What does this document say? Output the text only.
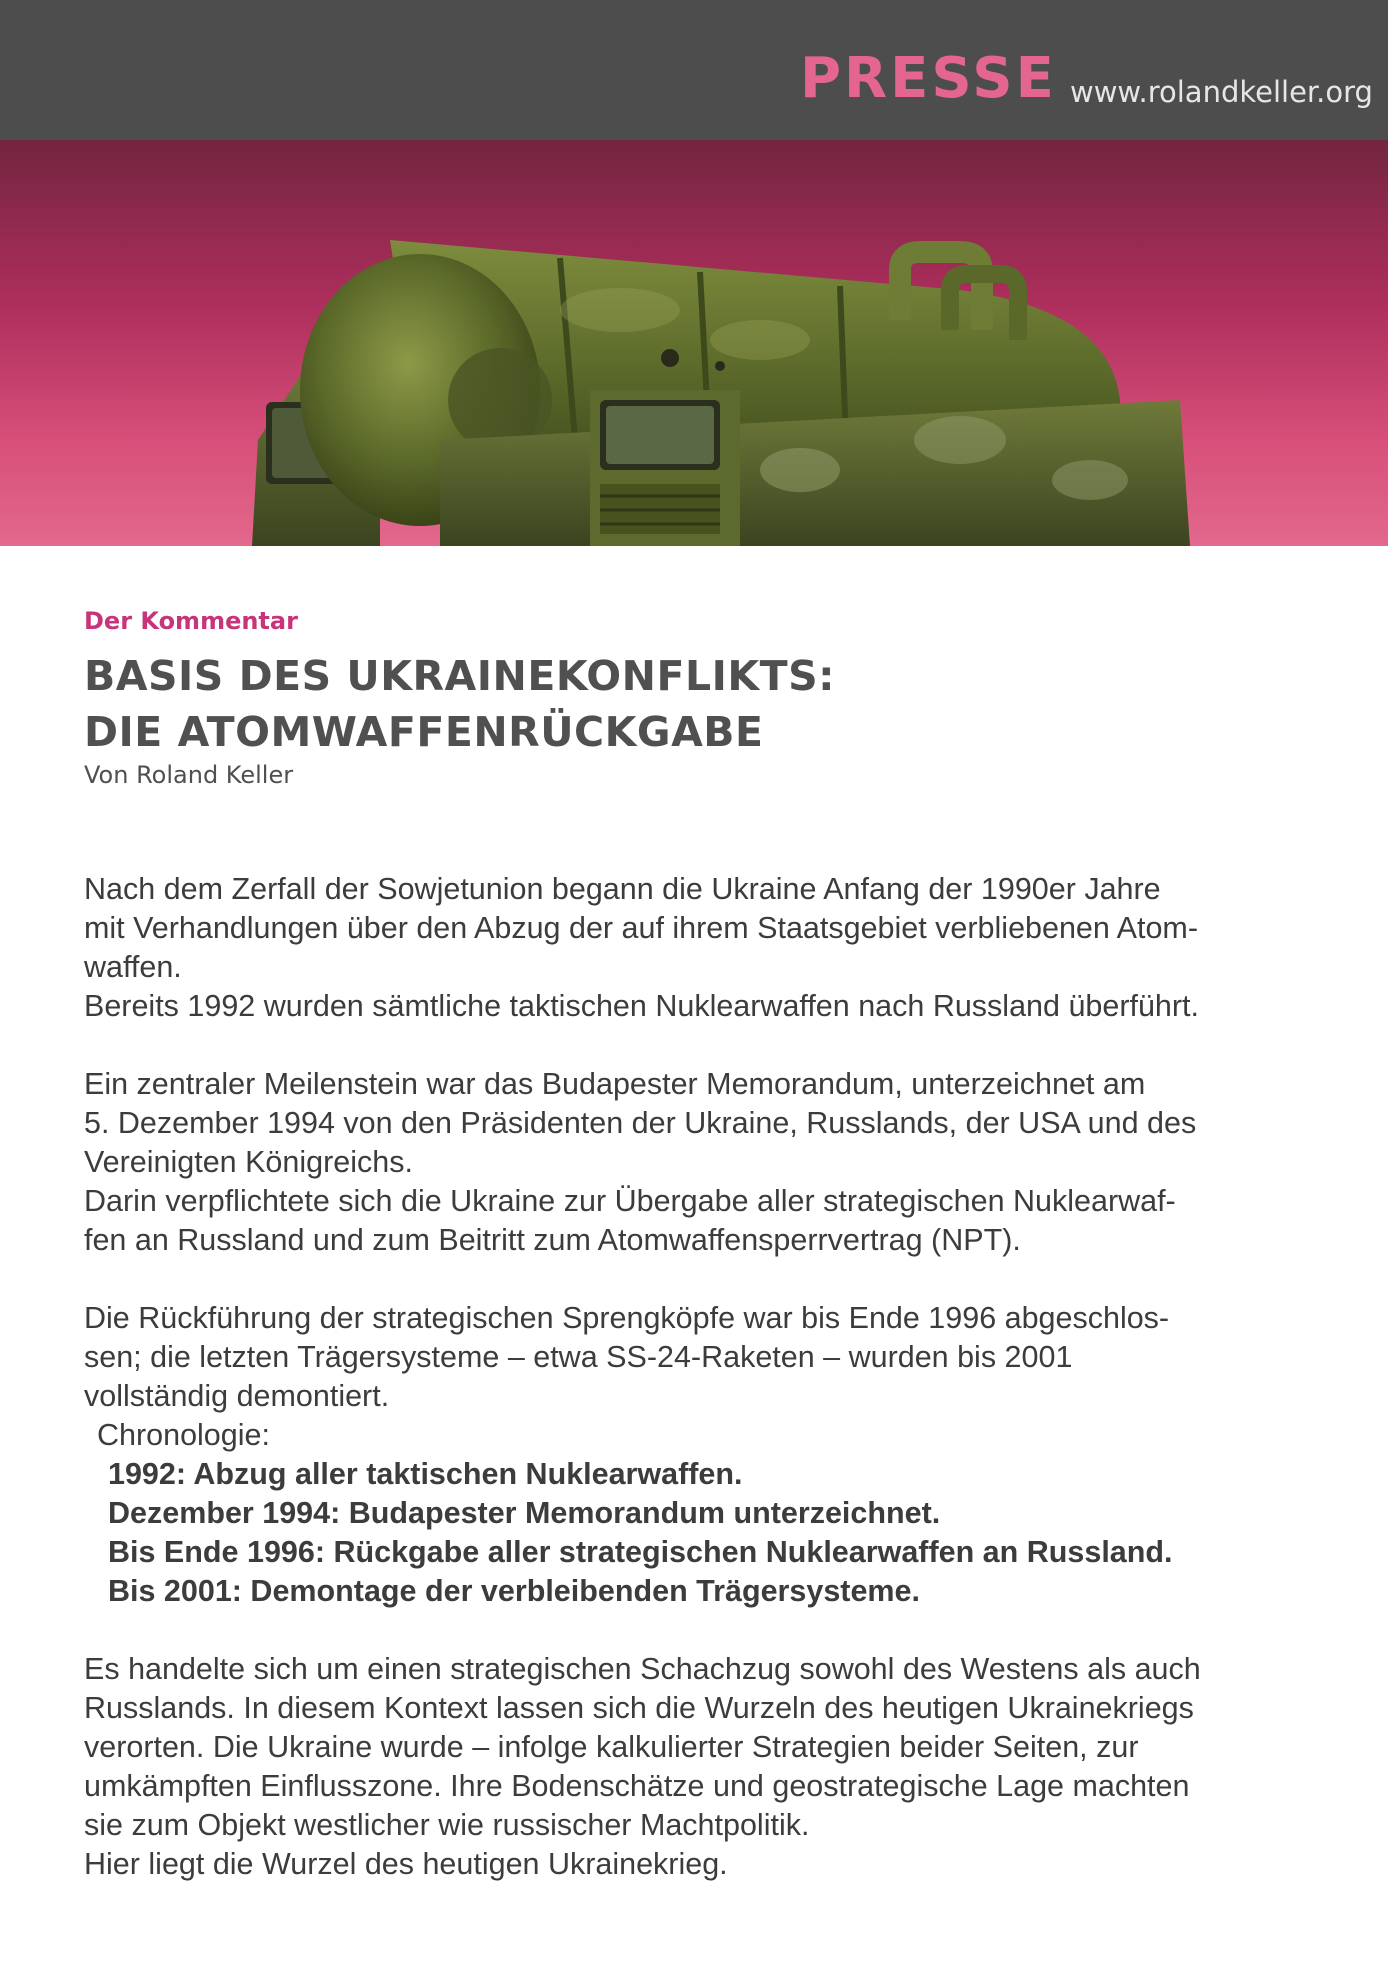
PRESSE www.rolandkeller.org
Der Kommentar
BASIS DES UKRAINEKONFLIKTS:
DIE ATOMWAFFENRÜCKGABE
Von Roland Keller
Nach dem Zerfall der Sowjetunion begann die Ukraine Anfang der 1990er Jahre
mit Verhandlungen über den Abzug der auf ihrem Staatsgebiet verbliebenen Atom-
waffen.
Bereits 1992 wurden sämtliche taktischen Nuklearwaffen nach Russland überführt.
Ein zentraler Meilenstein war das Budapester Memorandum, unterzeichnet am
5. Dezember 1994 von den Präsidenten der Ukraine, Russlands, der USA und des
Vereinigten Königreichs.
Darin verpflichtete sich die Ukraine zur Übergabe aller strategischen Nuklearwaf-
fen an Russland und zum Beitritt zum Atomwaffensperrvertrag (NPT).
Die Rückführung der strategischen Sprengköpfe war bis Ende 1996 abgeschlos-
sen; die letzten Trägersysteme – etwa SS-24-Raketen – wurden bis 2001
vollständig demontiert.
Chronologie:
1992: Abzug aller taktischen Nuklearwaffen.
Dezember 1994: Budapester Memorandum unterzeichnet.
Bis Ende 1996: Rückgabe aller strategischen Nuklearwaffen an Russland.
Bis 2001: Demontage der verbleibenden Trägersysteme.
Es handelte sich um einen strategischen Schachzug sowohl des Westens als auch
Russlands. In diesem Kontext lassen sich die Wurzeln des heutigen Ukrainekriegs
verorten. Die Ukraine wurde – infolge kalkulierter Strategien beider Seiten, zur
umkämpften Einflusszone. Ihre Bodenschätze und geostrategische Lage machten
sie zum Objekt westlicher wie russischer Machtpolitik.
Hier liegt die Wurzel des heutigen Ukrainekrieg.
